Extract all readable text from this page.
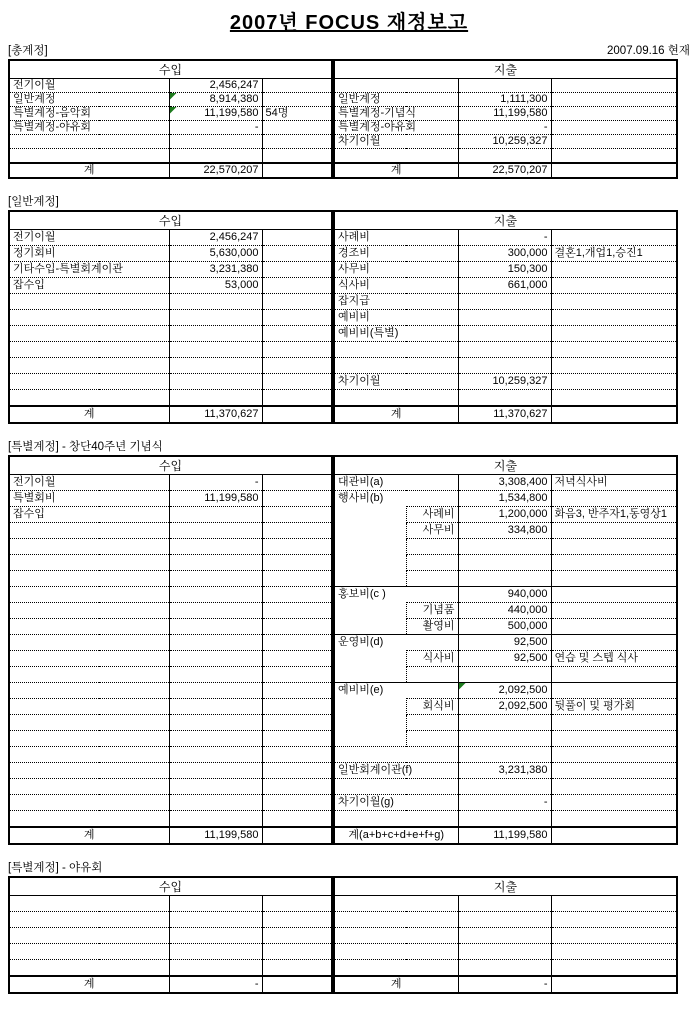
2007년 FOCUS 재정보고
[총계정]	2007.09.16 현재
수입		
전기이월	2,456,247	
일반계정	8,914,380

특별계정-음악회	11,199,580	54명
특별계정-야유회	-	

계	22,570,207	
지출		

일반계정	1,111,300	
특별계정-기념식	11,199,580	
특별계정-야유회	-	
차기이월	10,259,327	

계	22,570,207	
[일반계정]
수입		
전기이월	2,456,247	
정기회비	5,630,000	
기타수입-특별회계이관	3,231,380	
잡수입	53,000	

계	11,370,627	
지출		
사례비	-	
경조비	300,000	결혼1,개업1,승진1
사무비	150,300	
식사비	661,000	
잡지급		
예비비		
예비비(특별)		

차기이월	10,259,327	

계	11,370,627	
[특별계정] - 창단40주년 기념식
수입		
전기이월	-	
특별회비	11,199,580	
잡수입		

계	11,199,580	
지출			
대관비(a)		3,308,400	저녁식사비
행사비(b)		1,534,800	
	사례비	1,200,000	화음3, 반주자1,동영상1
	사무비	334,800	

홍보비(c )		940,000	
	기념품	440,000	
	촬영비	500,000	
운영비(d)		92,500	
	식사비	92,500	연습 및 스텝 식사

예비비(e)		2,092,500

	회식비	2,092,500	뒷풀이 및 평가회

일반회계이관(f)		3,231,380	

차기이월(g)		-	

계(a+b+c+d+e+f+g)		11,199,580	
[특별계정] - 야유회
수입		

계	-	
지출		

계	-	
